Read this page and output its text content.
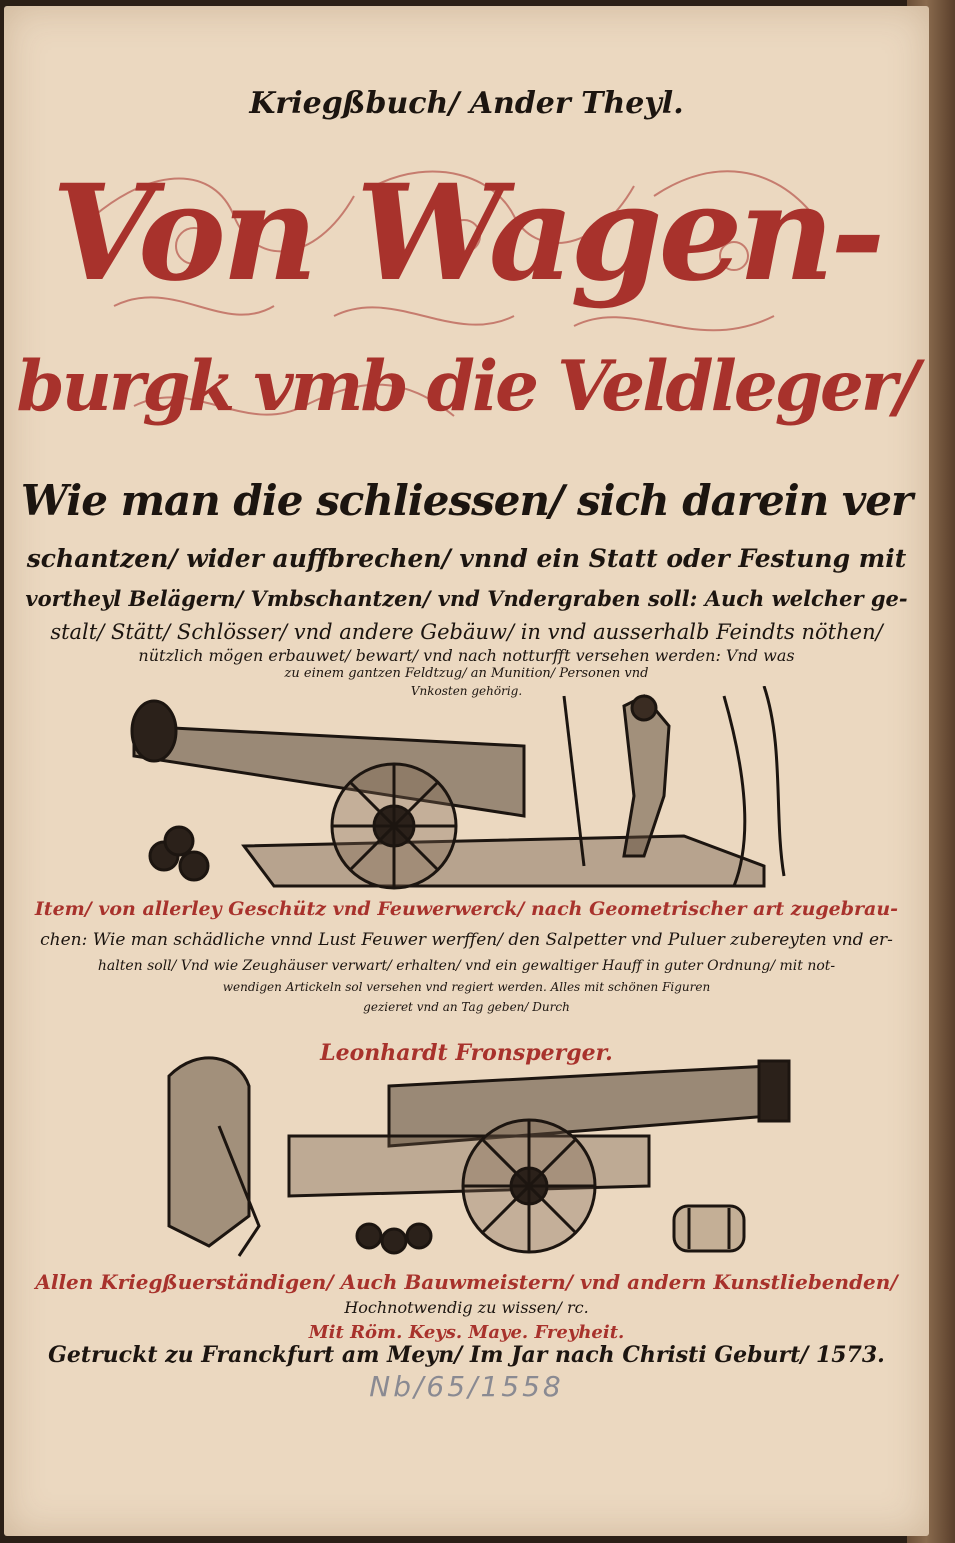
Kriegßbuch/ Ander Theyl.
Von Wagen-
burgk vmb die Veldleger/
Wie man die schliessen/ sich darein ver
schantzen/ wider auffbrechen/ vnnd ein Statt oder Festung mit
vortheyl Belägern/ Vmbschantzen/ vnd Vndergraben soll: Auch welcher ge-
stalt/ Stätt/ Schlösser/ vnd andere Gebäuw/ in vnd ausserhalb Feindts nöthen/
nützlich mögen erbauwet/ bewart/ vnd nach notturfft versehen werden: Vnd was
zu einem gantzen Feldtzug/ an Munition/ Personen vnd
Vnkosten gehörig.
Item/ von allerley Geschütz vnd Feuwerwerck/ nach Geometrischer art zugebrau-
chen: Wie man schädliche vnnd Lust Feuwer werffen/ den Salpetter vnd Puluer zubereyten vnd er-
halten soll/ Vnd wie Zeughäuser verwart/ erhalten/ vnd ein gewaltiger Hauff in guter Ordnung/ mit not-
wendigen Artickeln sol versehen vnd regiert werden. Alles mit schönen Figuren
gezieret vnd an Tag geben/ Durch
Leonhardt Fronsperger.
Allen Kriegßuerständigen/ Auch Bauwmeistern/ vnd andern Kunstliebenden/
Hochnotwendig zu wissen/ rc.
Mit Röm. Keys. Maye. Freyheit.
Getruckt zu Franckfurt am Meyn/ Im Jar nach Christi Geburt/ 1573.
Nb/65/1558
